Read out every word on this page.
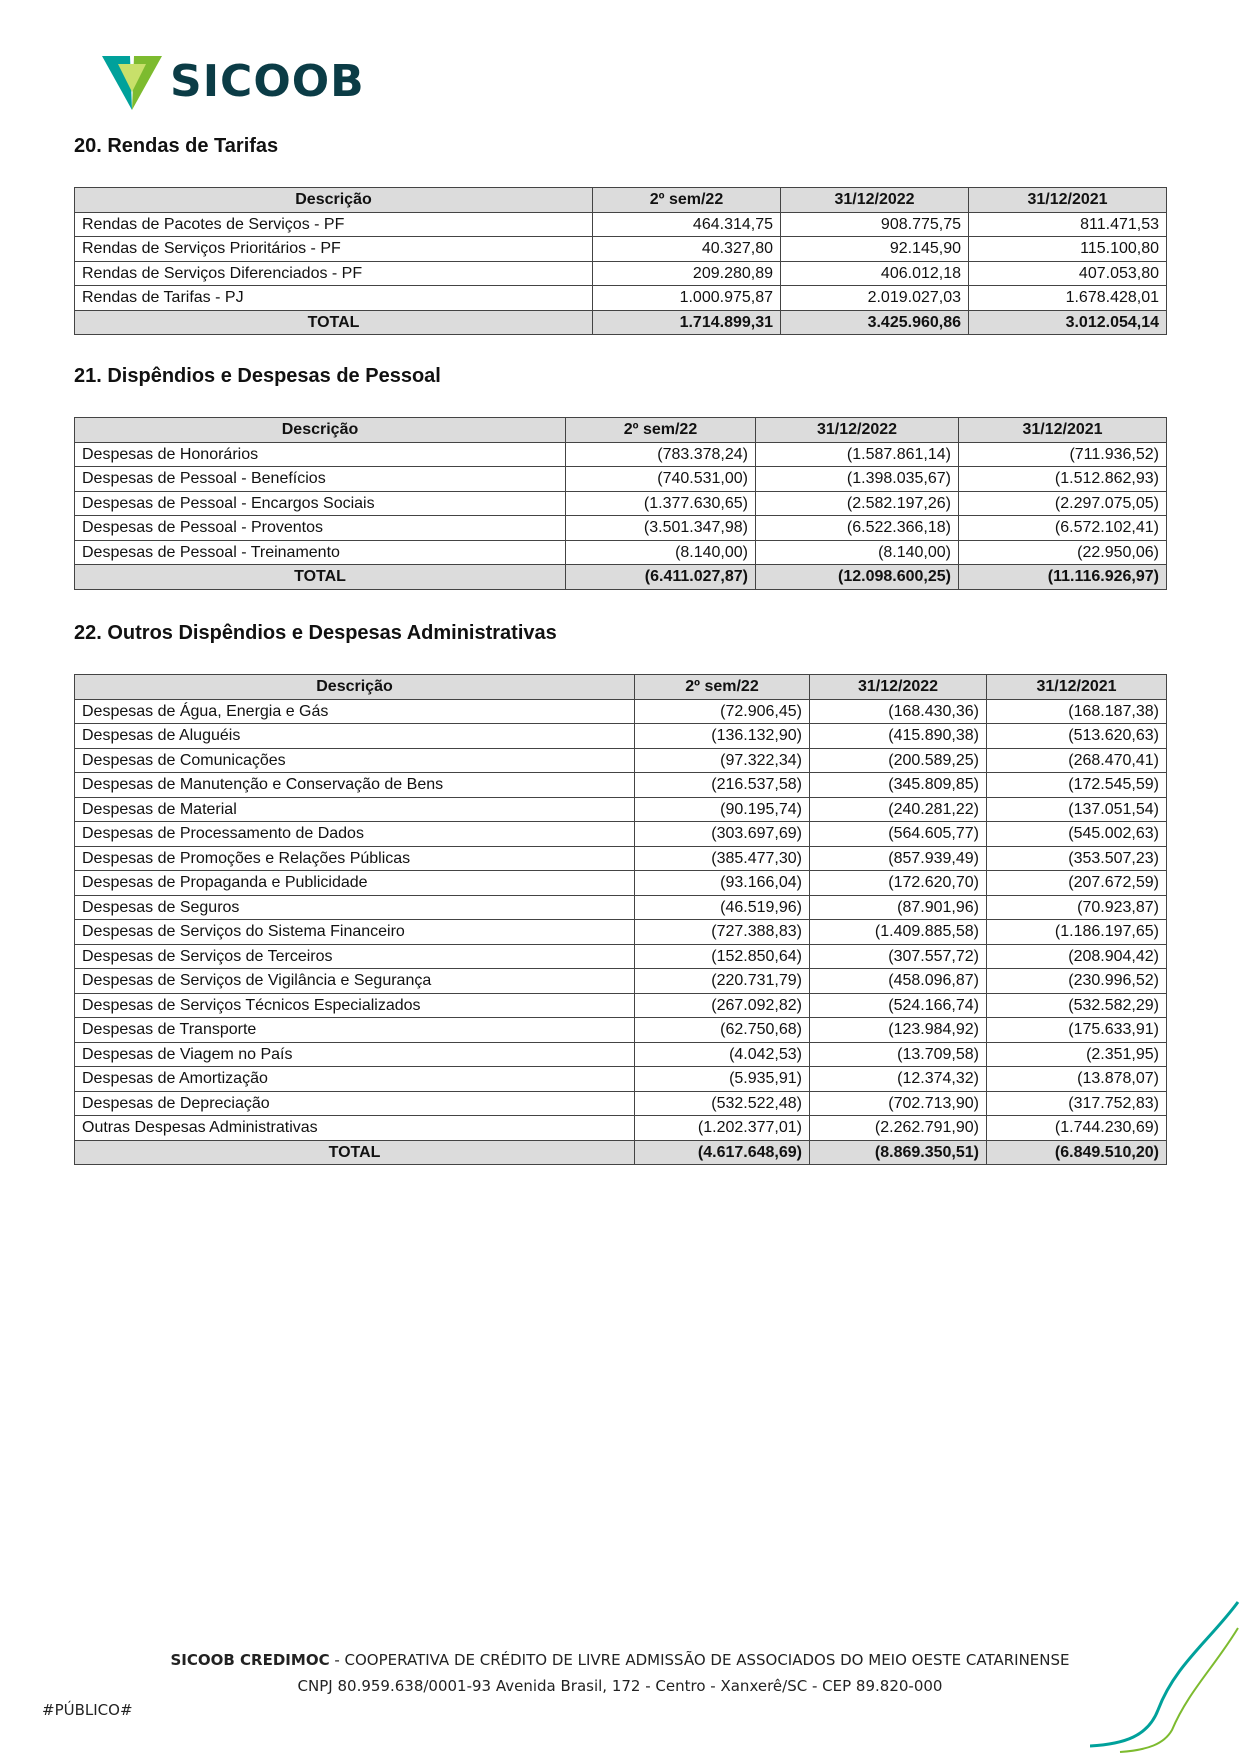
SICOOB
20. Rendas de Tarifas
Descrição	2º sem/22	31/12/2022	31/12/2021
Rendas de Pacotes de Serviços - PF	464.314,75	908.775,75	811.471,53
Rendas de Serviços Prioritários - PF	40.327,80	92.145,90	115.100,80
Rendas de Serviços Diferenciados - PF	209.280,89	406.012,18	407.053,80
Rendas de Tarifas - PJ	1.000.975,87	2.019.027,03	1.678.428,01
TOTAL	1.714.899,31	3.425.960,86	3.012.054,14
21. Dispêndios e Despesas de Pessoal
Descrição	2º sem/22	31/12/2022	31/12/2021
Despesas de Honorários	(783.378,24)	(1.587.861,14)	(711.936,52)
Despesas de Pessoal - Benefícios	(740.531,00)	(1.398.035,67)	(1.512.862,93)
Despesas de Pessoal - Encargos Sociais	(1.377.630,65)	(2.582.197,26)	(2.297.075,05)
Despesas de Pessoal - Proventos	(3.501.347,98)	(6.522.366,18)	(6.572.102,41)
Despesas de Pessoal - Treinamento	(8.140,00)	(8.140,00)	(22.950,06)
TOTAL	(6.411.027,87)	(12.098.600,25)	(11.116.926,97)
22. Outros Dispêndios e Despesas Administrativas
Descrição	2º sem/22	31/12/2022	31/12/2021
Despesas de Água, Energia e Gás	(72.906,45)	(168.430,36)	(168.187,38)
Despesas de Aluguéis	(136.132,90)	(415.890,38)	(513.620,63)
Despesas de Comunicações	(97.322,34)	(200.589,25)	(268.470,41)
Despesas de Manutenção e Conservação de Bens	(216.537,58)	(345.809,85)	(172.545,59)
Despesas de Material	(90.195,74)	(240.281,22)	(137.051,54)
Despesas de Processamento de Dados	(303.697,69)	(564.605,77)	(545.002,63)
Despesas de Promoções e Relações Públicas	(385.477,30)	(857.939,49)	(353.507,23)
Despesas de Propaganda e Publicidade	(93.166,04)	(172.620,70)	(207.672,59)
Despesas de Seguros	(46.519,96)	(87.901,96)	(70.923,87)
Despesas de Serviços do Sistema Financeiro	(727.388,83)	(1.409.885,58)	(1.186.197,65)
Despesas de Serviços de Terceiros	(152.850,64)	(307.557,72)	(208.904,42)
Despesas de Serviços de Vigilância e Segurança	(220.731,79)	(458.096,87)	(230.996,52)
Despesas de Serviços Técnicos Especializados	(267.092,82)	(524.166,74)	(532.582,29)
Despesas de Transporte	(62.750,68)	(123.984,92)	(175.633,91)
Despesas de Viagem no País	(4.042,53)	(13.709,58)	(2.351,95)
Despesas de Amortização	(5.935,91)	(12.374,32)	(13.878,07)
Despesas de Depreciação	(532.522,48)	(702.713,90)	(317.752,83)
Outras Despesas Administrativas	(1.202.377,01)	(2.262.791,90)	(1.744.230,69)
TOTAL	(4.617.648,69)	(8.869.350,51)	(6.849.510,20)
SICOOB CREDIMOC - COOPERATIVA DE CRÉDITO DE LIVRE ADMISSÃO DE ASSOCIADOS DO MEIO OESTE CATARINENSE
CNPJ 80.959.638/0001-93 Avenida Brasil, 172 - Centro - Xanxerê/SC - CEP 89.820-000
#PÚBLICO#
